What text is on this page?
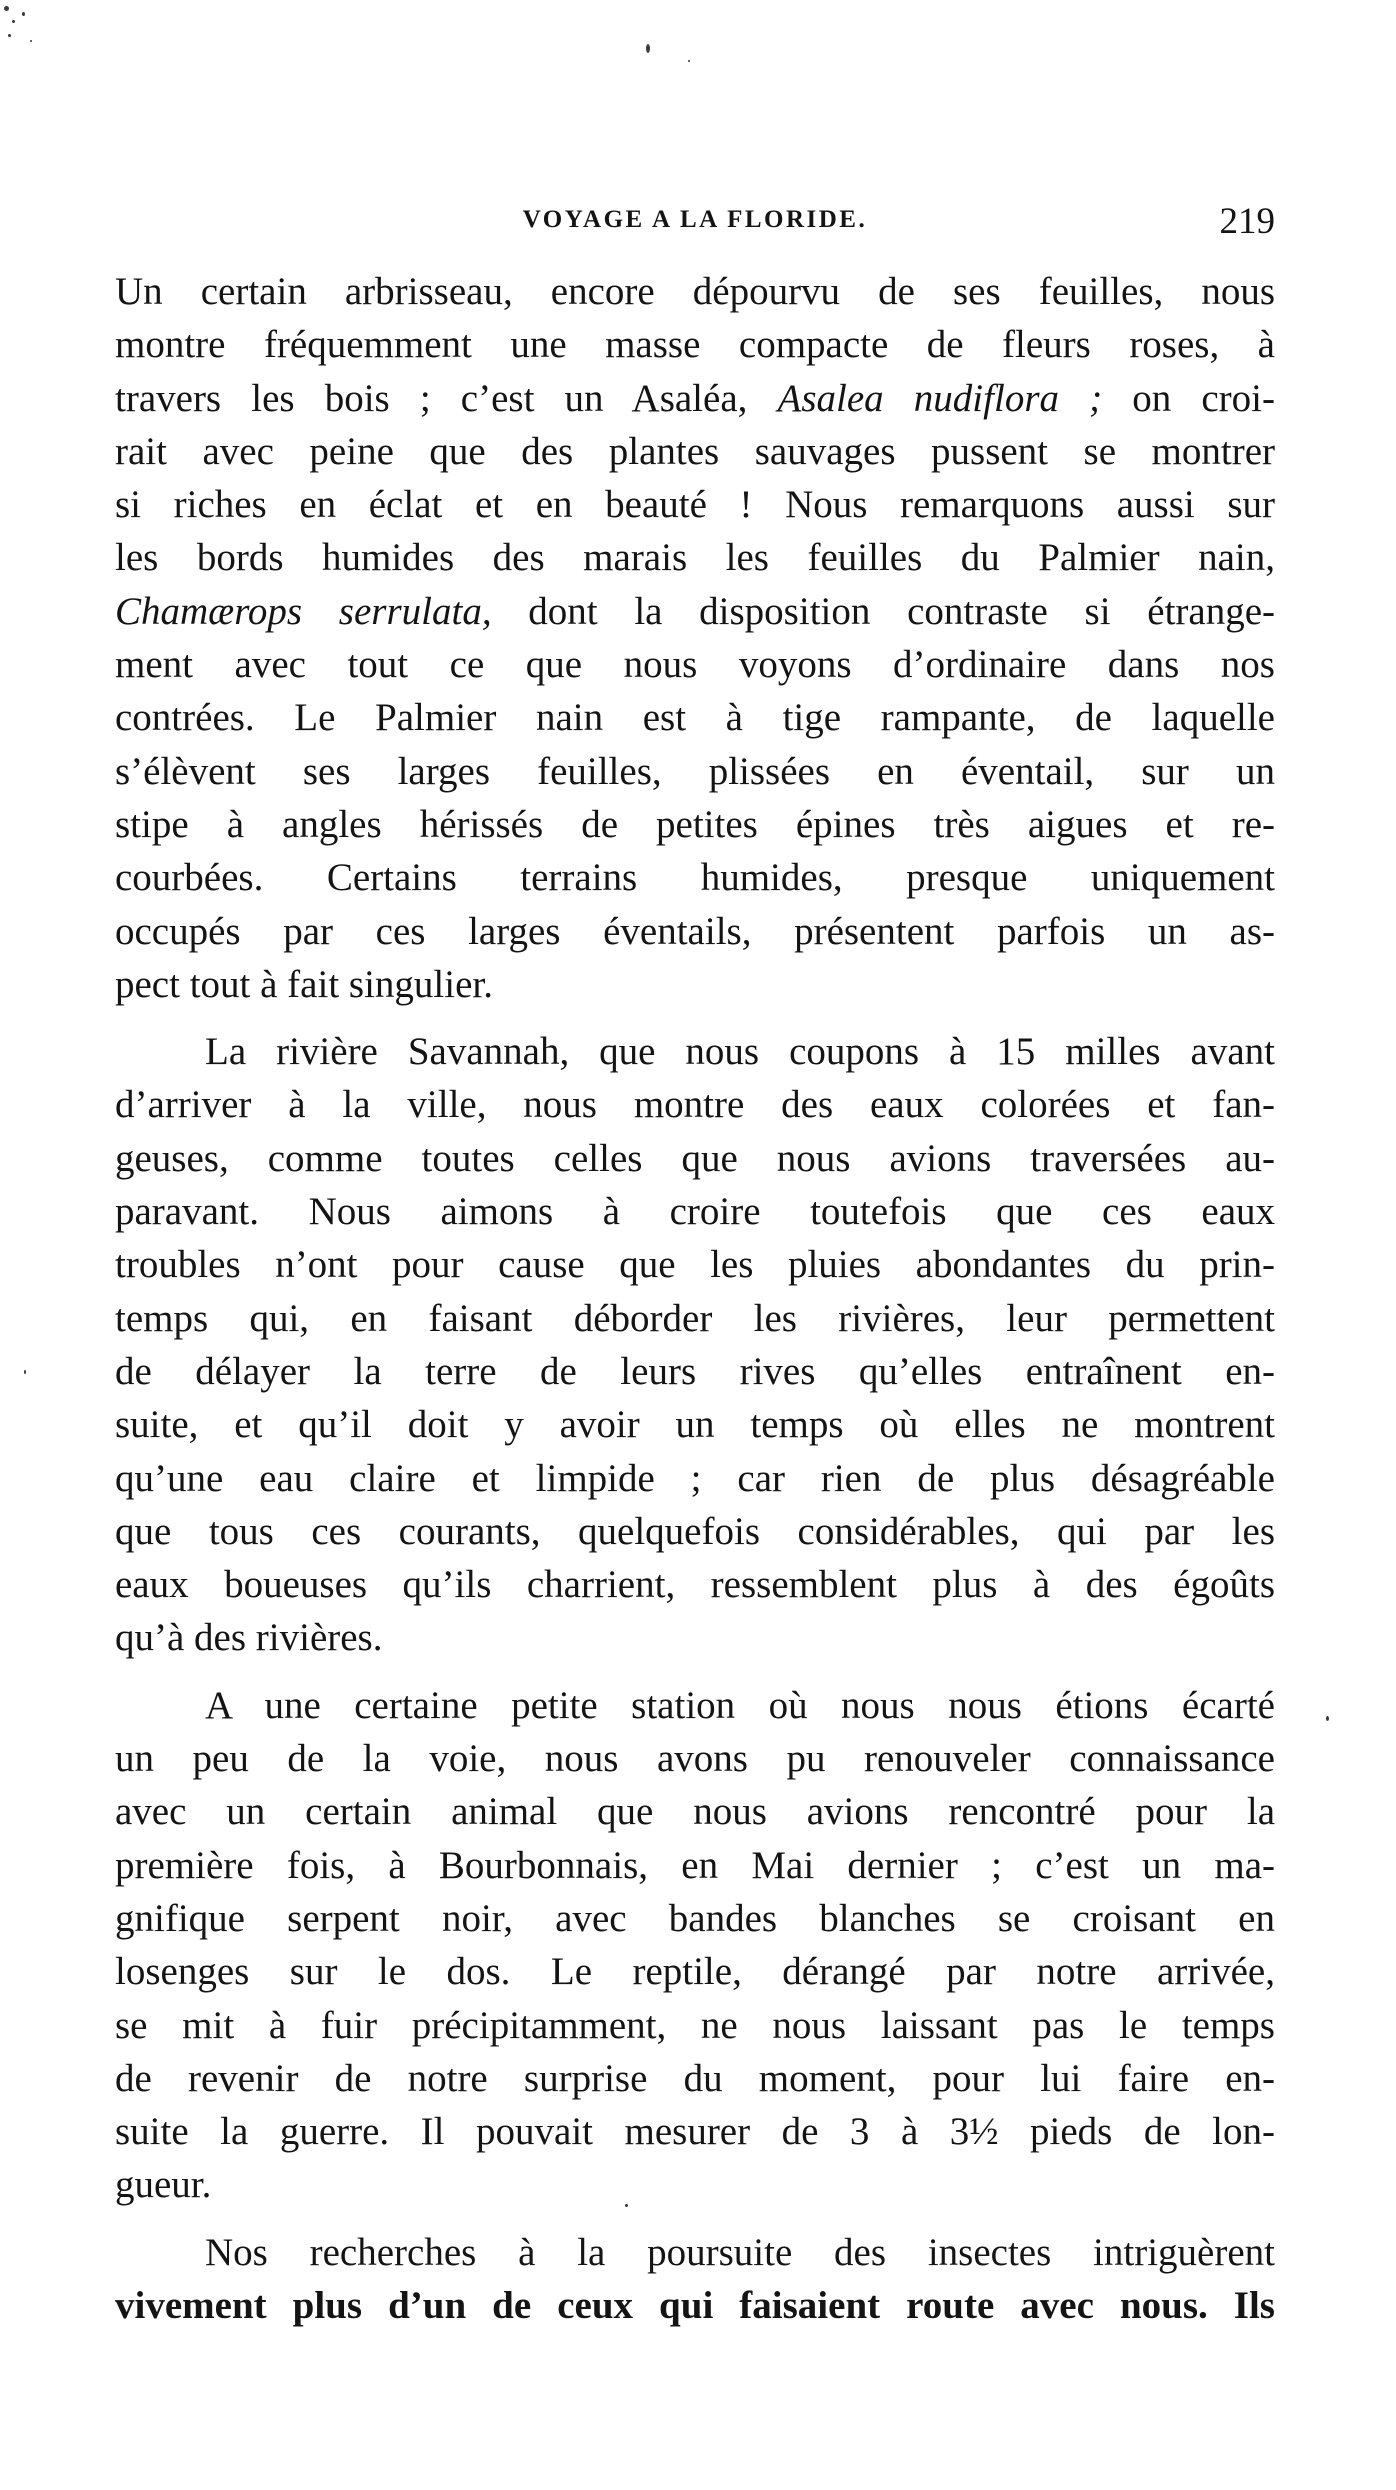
VOYAGE A LA FLORIDE.	219
Un certain arbrisseau, encore dépourvu de ses feuilles, nous
montre fréquemment une masse compacte de fleurs roses, à
travers les bois ; c’est un Asaléa, Asalea nudiflora ; on croi-
rait avec peine que des plantes sauvages pussent se montrer
si riches en éclat et en beauté ! Nous remarquons aussi sur
les bords humides des marais les feuilles du Palmier nain,
Chamærops serrulata, dont la disposition contraste si étrange-
ment avec tout ce que nous voyons d’ordinaire dans nos
contrées. Le Palmier nain est à tige rampante, de laquelle
s’élèvent ses larges feuilles, plissées en éventail, sur un
stipe à angles hérissés de petites épines très aigues et re-
courbées. Certains terrains humides, presque uniquement
occupés par ces larges éventails, présentent parfois un as-
pect tout à fait singulier.
La rivière Savannah, que nous coupons à 15 milles avant
d’arriver à la ville, nous montre des eaux colorées et fan-
geuses, comme toutes celles que nous avions traversées au-
paravant. Nous aimons à croire toutefois que ces eaux
troubles n’ont pour cause que les pluies abondantes du prin-
temps qui, en faisant déborder les rivières, leur permettent
de délayer la terre de leurs rives qu’elles entraînent en-
suite, et qu’il doit y avoir un temps où elles ne montrent
qu’une eau claire et limpide ; car rien de plus désagréable
que tous ces courants, quelquefois considérables, qui par les
eaux boueuses qu’ils charrient, ressemblent plus à des égoûts
qu’à des rivières.
A une certaine petite station où nous nous étions écarté
un peu de la voie, nous avons pu renouveler connaissance
avec un certain animal que nous avions rencontré pour la
première fois, à Bourbonnais, en Mai dernier ; c’est un ma-
gnifique serpent noir, avec bandes blanches se croisant en
losenges sur le dos. Le reptile, dérangé par notre arrivée,
se mit à fuir précipitamment, ne nous laissant pas le temps
de revenir de notre surprise du moment, pour lui faire en-
suite la guerre. Il pouvait mesurer de 3 à 3½ pieds de lon-
gueur.
Nos recherches à la poursuite des insectes intriguèrent
vivement plus d’un de ceux qui faisaient route avec nous. Ils
